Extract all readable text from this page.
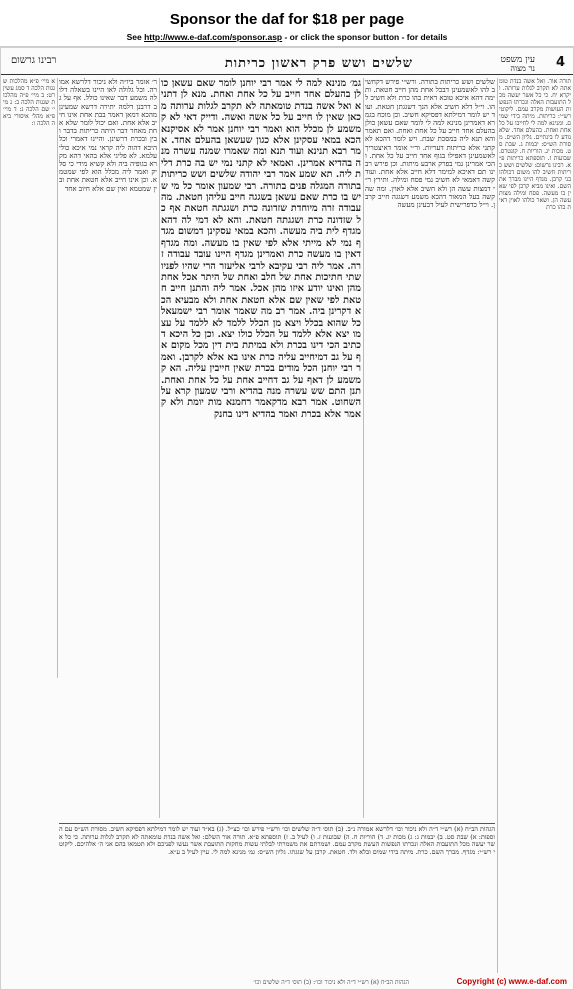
Sponsor the daf for $18 per page
See http://www.e-daf.com/sponsor.asp - or click the sponsor button - for details
4
עין משפט
נר מצוה
שלשים ושש פרק ראשון כריתות
רבינו גרשום
תורה אור. ואל אשה בנדת טומאתה לא תקרב לגלות ערותה. ויקרא יח. כי כל אשר יעשה מכל התועבות האלה ונכרתו הנפשות העושות מקרב עמם. ליקוטי רש״י: כריתות. מיתה בידי שמים. ומנינא למה לי לחייבו על כל אחת ואחת. בהעלם אחד. שלא נודע לו בינתיים. גליון הש״ס. מסורת הש״ס: יבמות ג. שבת סט. מכות יג. הוריות ח. קונטרס. שבועות ז. תוספתא כריתות פ״א. רבינו גרשום: שלשים ושש כריתות חשיב להו משום דכולהו בני קרבן. מגדף היינו מברך את השם. ואינו מביא קרבן לפי שאין בו מעשה. פסח ומילה מצות עשה הן. ושאר כולהו לאוין דאית בהו כרת
שלשים ושש כריתות בתורה. ורש״י פירש דקחשיב להו לאשמעינן דבכל אחת מהן חייב חטאת. ותימה דהא איכא טובא דאית בהו כרת ולא חשיב להו. וי״ל דלא חשיב אלא הנך דשגגתן חטאת. ועוד יש לומר דמילתא דפסיקא חשיב. וכן מוכח בגמרא דאמרינן מנינא למה לי לומר שאם עשאן כולן בהעלם אחד חייב על כל אחת ואחת. ואם תאמר והא תנא ליה במסכת שבת. ויש לומר דהכא לא קתני אלא כריתות דעריות. ור״י אומר דאיצטריך לאשמעינן דאפילו בגוף אחד חייב על כל אחת. והכי אמרינן נמי בפרק ארבע מיתות. וכן פירש רבינו תם דאיכא למימר דלא חייב אלא אחת. ועוד קשה דאמאי לא חשיב נמי פסח ומילה. ותירץ ר״י דמצות עשה הן ולא חשיב אלא לאוין. ומה שהקשה בעל המאור דהכא משמע דשגגה חייב קרבן. וי״ל כדפרישית לעיל דבעינן מעשה
גמ׳ מנינא למה לי אמר רבי יוחנן לומר שאם עשאן כולן בהעלם אחד חייב על כל אחת ואחת. מנא לן דתניא ואל אשה בנדת טומאתה לא תקרב לגלות ערותה מכאן שאין לו חייב על כל אשה ואשה. ודייק דאי לא קמשמע לן מכלל הוא ואמר רבי יוחנן אמר לא אסיקנא הכא במאי עסקינן אלא כגון שעשאן בהעלם אחד. אמר רבא תנינא ועוד תנא ומה שאמרו שמנה עשרה מנה בהדיא אמרינן. ואמאי לא קתני נמי יש בה כרת דלית ליה. תא שמע אמר רבי יהודה שלשים ושש כריתות בתורה המגלה פנים בתורה. רבי שמעון אומר כל מי שיש בו כרת שאם עשאן בשגגה חייב עליהן חטאת. מה עבודה זרה מיוחדת שזדונה כרת ושגגתה חטאת אף כל שזדונה כרת ושגגתה חטאת. והא לא דמי לה דהא מגדף לית ביה מעשה. והכא במאי עסקינן דמשום מגדף נמי לא מייתי אלא לפי שאין בו מעשה. ומה מגדף דאין בו מעשה כרת ואמרינן מגדף היינו עובד עבודה זרה. אמר ליה רבי עקיבא לרבי אליעזר הרי שהיו לפניו שתי חתיכות אחת של חלב ואחת של היתר אכל אחת מהן ואינו יודע איזו מהן אכל. אמר ליה והתנן חייב חטאת לפי שאין שם אלא חטאת אחת ולא מבעיא הכא דקרינן ביה. אמר רב מה שאמר אומר רבי ישמעאל כל שהוא בכלל ויצא מן הכלל ללמד לא ללמד על עצמו יצא אלא ללמד על הכלל כולו יצא. וכן כל היכא דכתיב הכי דינו בכרת ולא במיתת בית דין מכל מקום אף על גב דמיחייב עליה כרת אינו בא אלא לקרבן. ואמר רבי יוחנן הכל מודים בכרת שאין חייבין עליה. הא קמשמע לן דאף על גב דחייב אחת על כל אחת ואחת. תנן התם שש עשרה מנה בהדיא ורבי שמעון קרא על השחוט. אמר רבא מדקאמר רחמנא מות יומת ולא קאמר אלא בכרת ואמר בהדיא דינו בחנק
ר׳ אומר ביו״ה ולא ניכור דלרשא אמורה. וכל גלולה לאו היינו בשאלה דלולה משמע דבר שאינו כולל. אף על גב דרבנן דלמה יתירה דרשא שמעינן מהכא דמאן דאמר בבת אחת אינו חייב אלא אחת. ואם יכול לומר שלא אחת מאחר דבר היתה כריתות בדבר ובין ובכרת דרשינן. והיינו דאמרי וכל היכא דהוה ליה קראי נמי איכא כולי עלמא. לא פליגי אלא בהאי דהא מקרא בגופיה ביה ולא קשיא מידי כי סליק ואמר ליה מכלל הוא לפי שמטמא. וכן אינו חייב אלא חטאת אחת ובין שמטמא ואין שם אלא חיוב אחד
א מיי׳ פ״א מהלכות שגגות הלכה ד סמג עשין רט: ב מיי׳ פ״ה מהלכות שגגות הלכה ב: ג מיי׳ שם הלכה ג: ד מיי׳ פ״א מהל׳ איסורי ביאה הלכה ו:
הגהות הב״ח (א) רש״י ד״ה ולא ניכור וכו׳ דלרשא אמורה נ״ב. (ב) תוס׳ ד״ה שלשים וכו׳ ורש״י פירש וכו׳ כצ״ל. (ג) בא״ד ועוד יש לומר דמילתא דפסיקא חשיב. מסורת הש״ס עם הוספות: א) שבת סט. ב) יבמות ג: ג) מכות יג. ד) הוריות ח. ה) שבועות ז. ו) לעיל ב. ז) תוספתא פ״א. תורה אור השלם: ואל אשה בנדת טומאתה לא תקרב לגלות ערותה. כי כל אשר יעשה מכל התועבות האלה ונכרתו הנפשות העשת מקרב עמם. ושמרתם את משמרתי לבלתי עשות מחקות התועבת אשר נעשו לפניכם ולא תטמאו בהם אני ה׳ אלהיכם. ליקוטי רש״י: מגדף. מברך השם. כרת. מיתה בידי שמים ובלא ולד. חטאת. קרבן על שגגתו. גליון הש״ס: גמ׳ מנינא למה לי. עיין לעיל ב ע״א.
הגהות הב״ח (א) רש״י ד״ה ולא ניכור וכו׳: (ב) תוס׳ ד״ה שלשים וכו׳	Copyright (c) www.e-daf.com
